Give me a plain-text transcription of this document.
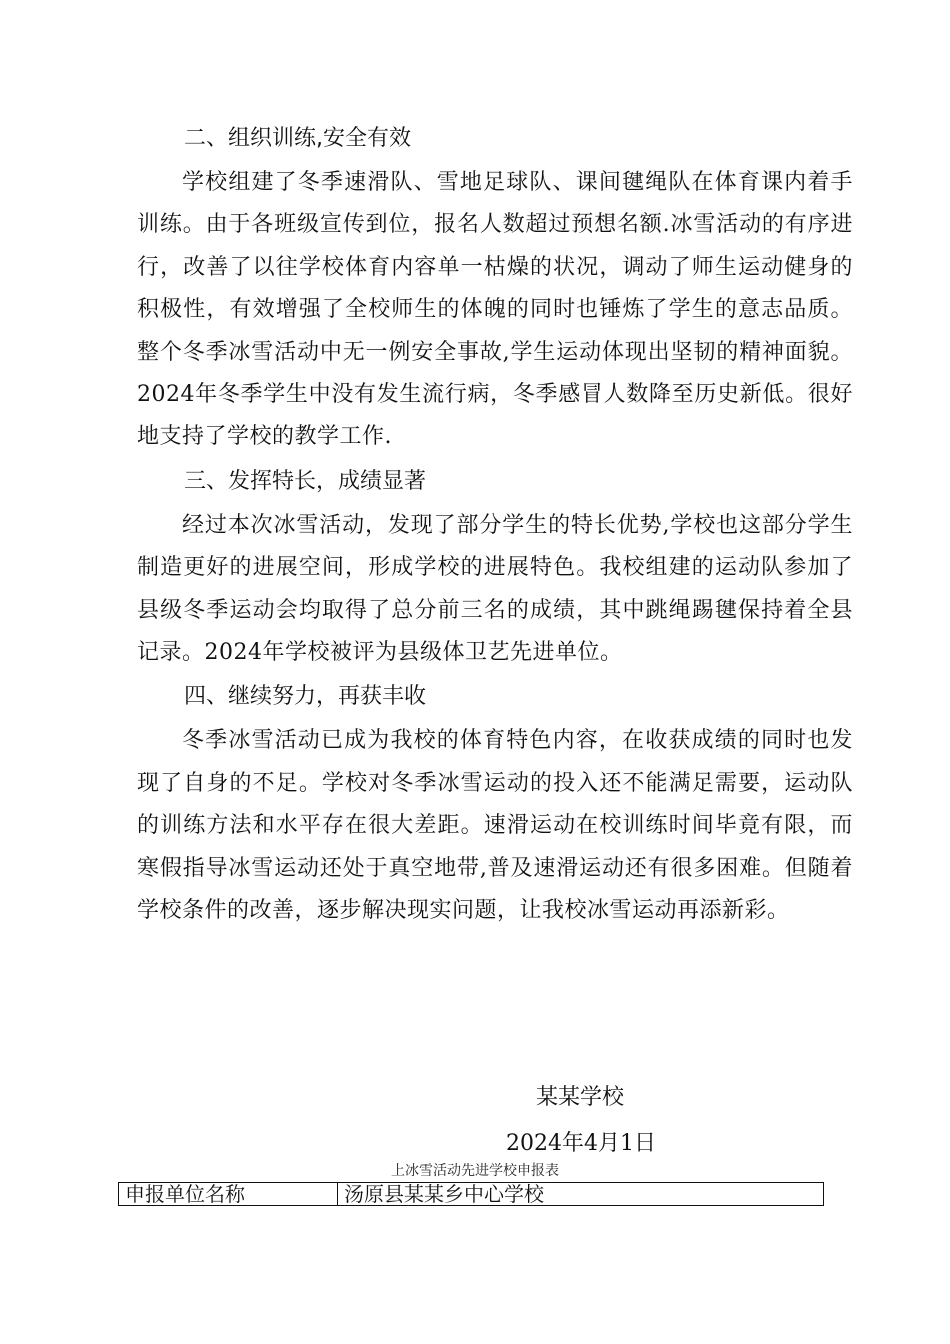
二、组织训练,安全有效

学校组建了冬季速滑队、雪地足球队、课间毽绳队在体育课内着手训练。由于各班级宣传到位，报名人数超过预想名额.冰雪活动的有序进行，改善了以往学校体育内容单一枯燥的状况，调动了师生运动健身的积极性，有效增强了全校师生的体魄的同时也锤炼了学生的意志品质。整个冬季冰雪活动中无一例安全事故,学生运动体现出坚韧的精神面貌。2024年冬季学生中没有发生流行病，冬季感冒人数降至历史新低。很好地支持了学校的教学工作.

三、发挥特长，成绩显著

经过本次冰雪活动，发现了部分学生的特长优势,学校也这部分学生制造更好的进展空间，形成学校的进展特色。我校组建的运动队参加了县级冬季运动会均取得了总分前三名的成绩，其中跳绳踢毽保持着全县记录。2024年学校被评为县级体卫艺先进单位。

四、继续努力，再获丰收

冬季冰雪活动已成为我校的体育特色内容，在收获成绩的同时也发现了自身的不足。学校对冬季冰雪运动的投入还不能满足需要，运动队的训练方法和水平存在很大差距。速滑运动在校训练时间毕竟有限，而寒假指导冰雪运动还处于真空地带,普及速滑运动还有很多困难。但随着学校条件的改善，逐步解决现实问题，让我校冰雪运动再添新彩。

某某学校
2024年4月1日
上冰雪活动先进学校申报表
申报单位名称	汤原县某某乡中心学校
